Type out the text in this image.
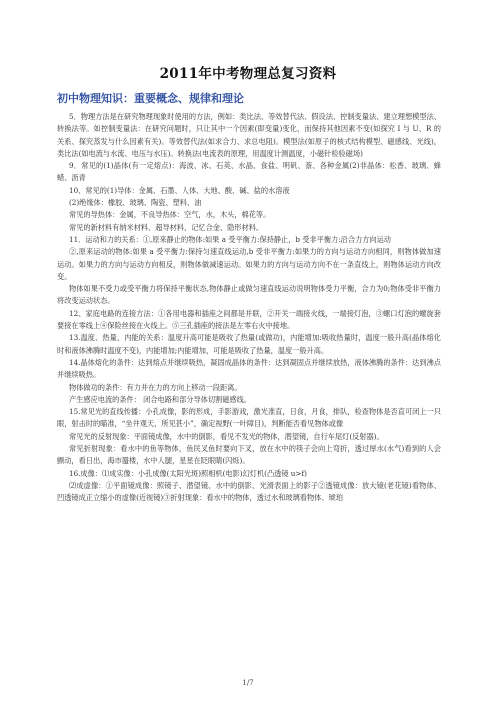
2011年中考物理总复习资料
初中物理知识：重要概念、规律和理论

5．物理方法是在研究物理现象时使用的方法，例如：类比法、等效替代法、假设法、控制变量法、建立理想模型法、转换法等。如控制变量法：在研究问题时，只让其中一个因素(即变量)变化，而保持其他因素不变(如探究 I 与 U、R 的关系、探究蒸发与什么因素有关)。等效替代法(如求合力、求总电阻)。模型法(如原子的核式结构模型、磁感线、光线)，类比法(如电流与水流、电压与水压)。转换法(电流表的原理，用温度计测温度，小磁针检验磁场)

9．常见的(1)晶体(有一定熔点)：海波、冰、石英、水晶、食盐、明矾、萘、各种金属(2)非晶体：松香、玻璃、蜂蜡、沥青

10、常见的(1)导体：金属、石墨、人体、大地、酸、碱、盐的水溶液

(2)绝缘体：橡胶、玻璃、陶瓷、塑料、油

常见的导热体：金属，不良导热体：空气，水，木头，棉花等。

常见的新材料有纳米材料、超导材料、记忆合金、隐形材料。

11．运动和力的关系：①,原来静止的物体:如果 a 受平衡力:保持静止，b 受非平衡力:沿合力方向运动

②,原来运动的物体:如果 a 受平衡力:保持匀速直线运动,b 受非平衡力:如果力的方向与运动方向相同，则物体做加速运动。如果力的方向与运动方向相反，则物体做减速运动。如果力的方向与运动方向不在一条直线上，则物体运动方向改变。

物体如果不受力或受平衡力将保持平衡状态,物体静止或做匀速直线运动说明物体受力平衡，合力为0;物体受非平衡力将改变运动状态。

12、家庭电路的连接方法：①各用电器和插座之间都是并联，②开关一端接火线，一端接灯泡，③螺口灯泡的螺旋套要接在零线上④保险丝接在火线上。⑤三孔插座的接法是左零右火中接地。

13.温度、热量、内能的关系：温度升高可能是吸收了热量(或做功)，内能增加:吸收热量时，温度一般升高(晶体熔化时和液体沸腾时温度不变)，内能增加;内能增加，可能是吸收了热量，温度一般升高。

14.晶体熔化的条件：达到熔点并继续吸热，凝固成晶体的条件：达到凝固点并继续放热，液体沸腾的条件：达到沸点并继续吸热。

物体做功的条件：有力并在力的方向上移动一段距离。

产生感应电流的条件： 闭合电路和部分导体切割磁感线。

15.常见光的直线传播：小孔成像，影的形成，手影游戏，激光准直，日食，月食，排队，检查物体是否直可闭上一只眼，射击时的瞄准，“坐井观天，所见甚小”，确定视野(一叶障目)，判断能否看见物体或像

常见光的反射现象：平面镜成像，水中的倒影，看见不发光的物体，潜望镜，自行车尾灯(反射器)。

常见折射现象：看水中的鱼等物体，鱼民叉鱼时要向下叉，放在水中的筷子会向上弯折，透过厚水(水气)看到的人会颤动，看日出，海市蜃楼，水中人腿，星星在眨眼睛(闪烁)。

16.成像：⑴成实像：小孔成像(太阳光斑)照相机(电影)幻灯机(凸透镜 u>f)

⑵成虚像：①平面镜成像：照镜子、潜望镜、水中的倒影、光滑表面上的影子②透镜成像：放大镜(老花镜)看物体、凹透镜成正立缩小的虚像(近视镜)③折射现象：看水中的物体，透过水和玻璃看物体、琥珀

1/7
